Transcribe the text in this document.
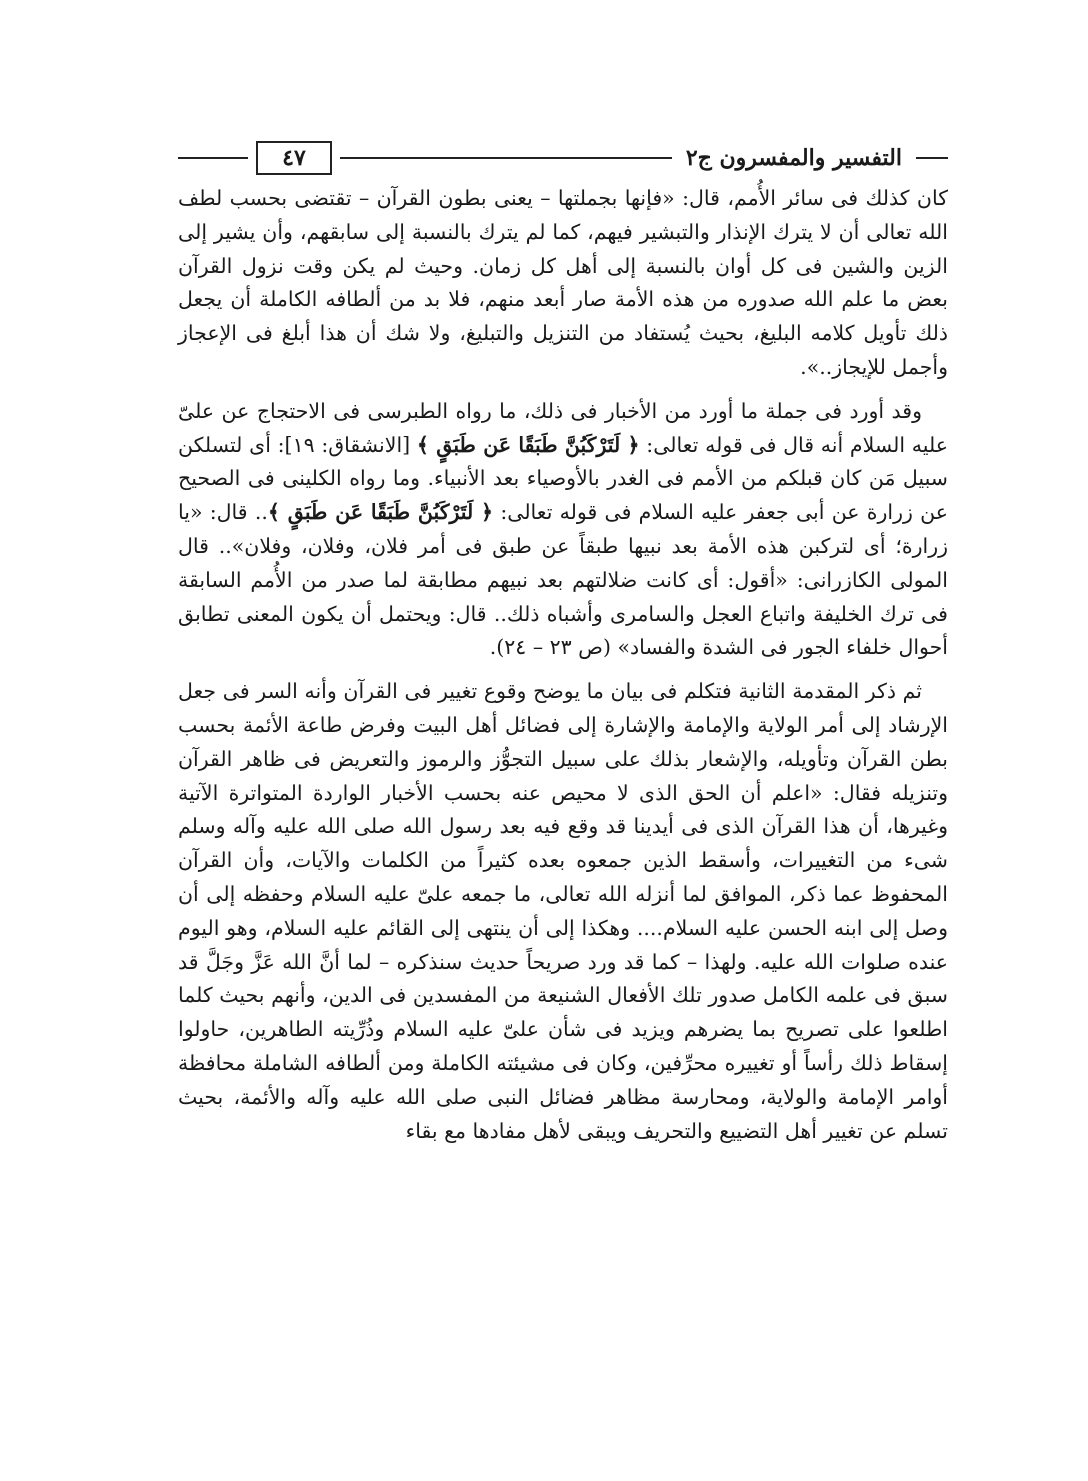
التفسير والمفسرون ج٢
٤٧

كان كذلك فى سائر الأُمم، قال: «فإنها بجملتها – يعنى بطون القرآن – تقتضى بحسب لطف الله تعالى أن لا يترك الإنذار والتبشير فيهم، كما لم يترك بالنسبة إلى سابقهم، وأن يشير إلى الزين والشين فى كل أوان بالنسبة إلى أهل كل زمان. وحيث لم يكن وقت نزول القرآن بعض ما علم الله صدوره من هذه الأمة صار أبعد منهم، فلا بد من ألطافه الكاملة أن يجعل ذلك تأويل كلامه البليغ، بحيث يُستفاد من التنزيل والتبليغ، ولا شك أن هذا أبلغ فى الإعجاز وأجمل للإيجاز..».

وقد أورد فى جملة ما أورد من الأخبار فى ذلك، ما رواه الطبرسى فى الاحتجاج عن علىّ عليه السلام أنه قال فى قوله تعالى: ﴿ لَتَرْكَبُنَّ طَبَقًا عَن طَبَقٍ ﴾ [الانشقاق: ١٩]: أى لتسلكن سبيل مَن كان قبلكم من الأمم فى الغدر بالأوصياء بعد الأنبياء. وما رواه الكلينى فى الصحيح عن زرارة عن أبى جعفر عليه السلام فى قوله تعالى: ﴿ لَتَرْكَبُنَّ طَبَقًا عَن طَبَقٍ ﴾.. قال: «يا زرارة؛ أى لتركبن هذه الأمة بعد نبيها طبقاً عن طبق فى أمر فلان، وفلان، وفلان».. قال المولى الكازرانى: «أقول: أى كانت ضلالتهم بعد نبيهم مطابقة لما صدر من الأُمم السابقة فى ترك الخليفة واتباع العجل والسامرى وأشباه ذلك.. قال: ويحتمل أن يكون المعنى تطابق أحوال خلفاء الجور فى الشدة والفساد» (ص ٢٣ – ٢٤).

ثم ذكر المقدمة الثانية فتكلم فى بيان ما يوضح وقوع تغيير فى القرآن وأنه السر فى جعل الإرشاد إلى أمر الولاية والإمامة والإشارة إلى فضائل أهل البيت وفرض طاعة الأئمة بحسب بطن القرآن وتأويله، والإشعار بذلك على سبيل التجوُّز والرموز والتعريض فى ظاهر القرآن وتنزيله فقال: «اعلم أن الحق الذى لا محيص عنه بحسب الأخبار الواردة المتواترة الآتية وغيرها، أن هذا القرآن الذى فى أيدينا قد وقع فيه بعد رسول الله صلى الله عليه وآله وسلم شىء من التغييرات، وأسقط الذين جمعوه بعده كثيراً من الكلمات والآيات، وأن القرآن المحفوظ عما ذكر، الموافق لما أنزله الله تعالى، ما جمعه علىّ عليه السلام وحفظه إلى أن وصل إلى ابنه الحسن عليه السلام.... وهكذا إلى أن ينتهى إلى القائم عليه السلام، وهو اليوم عنده صلوات الله عليه. ولهذا – كما قد ورد صريحاً حديث سنذكره – لما أنَّ الله عَزَّ وجَلَّ قد سبق فى علمه الكامل صدور تلك الأفعال الشنيعة من المفسدين فى الدين، وأنهم بحيث كلما اطلعوا على تصريح بما يضرهم ويزيد فى شأن علىّ عليه السلام وذُرِّيته الطاهرين، حاولوا إسقاط ذلك رأساً أو تغييره محرِّفين، وكان فى مشيئته الكاملة ومن ألطافه الشاملة محافظة أوامر الإمامة والولاية، ومحارسة مظاهر فضائل النبى صلى الله عليه وآله والأئمة، بحيث تسلم عن تغيير أهل التضييع والتحريف ويبقى لأهل مفادها مع بقاء
